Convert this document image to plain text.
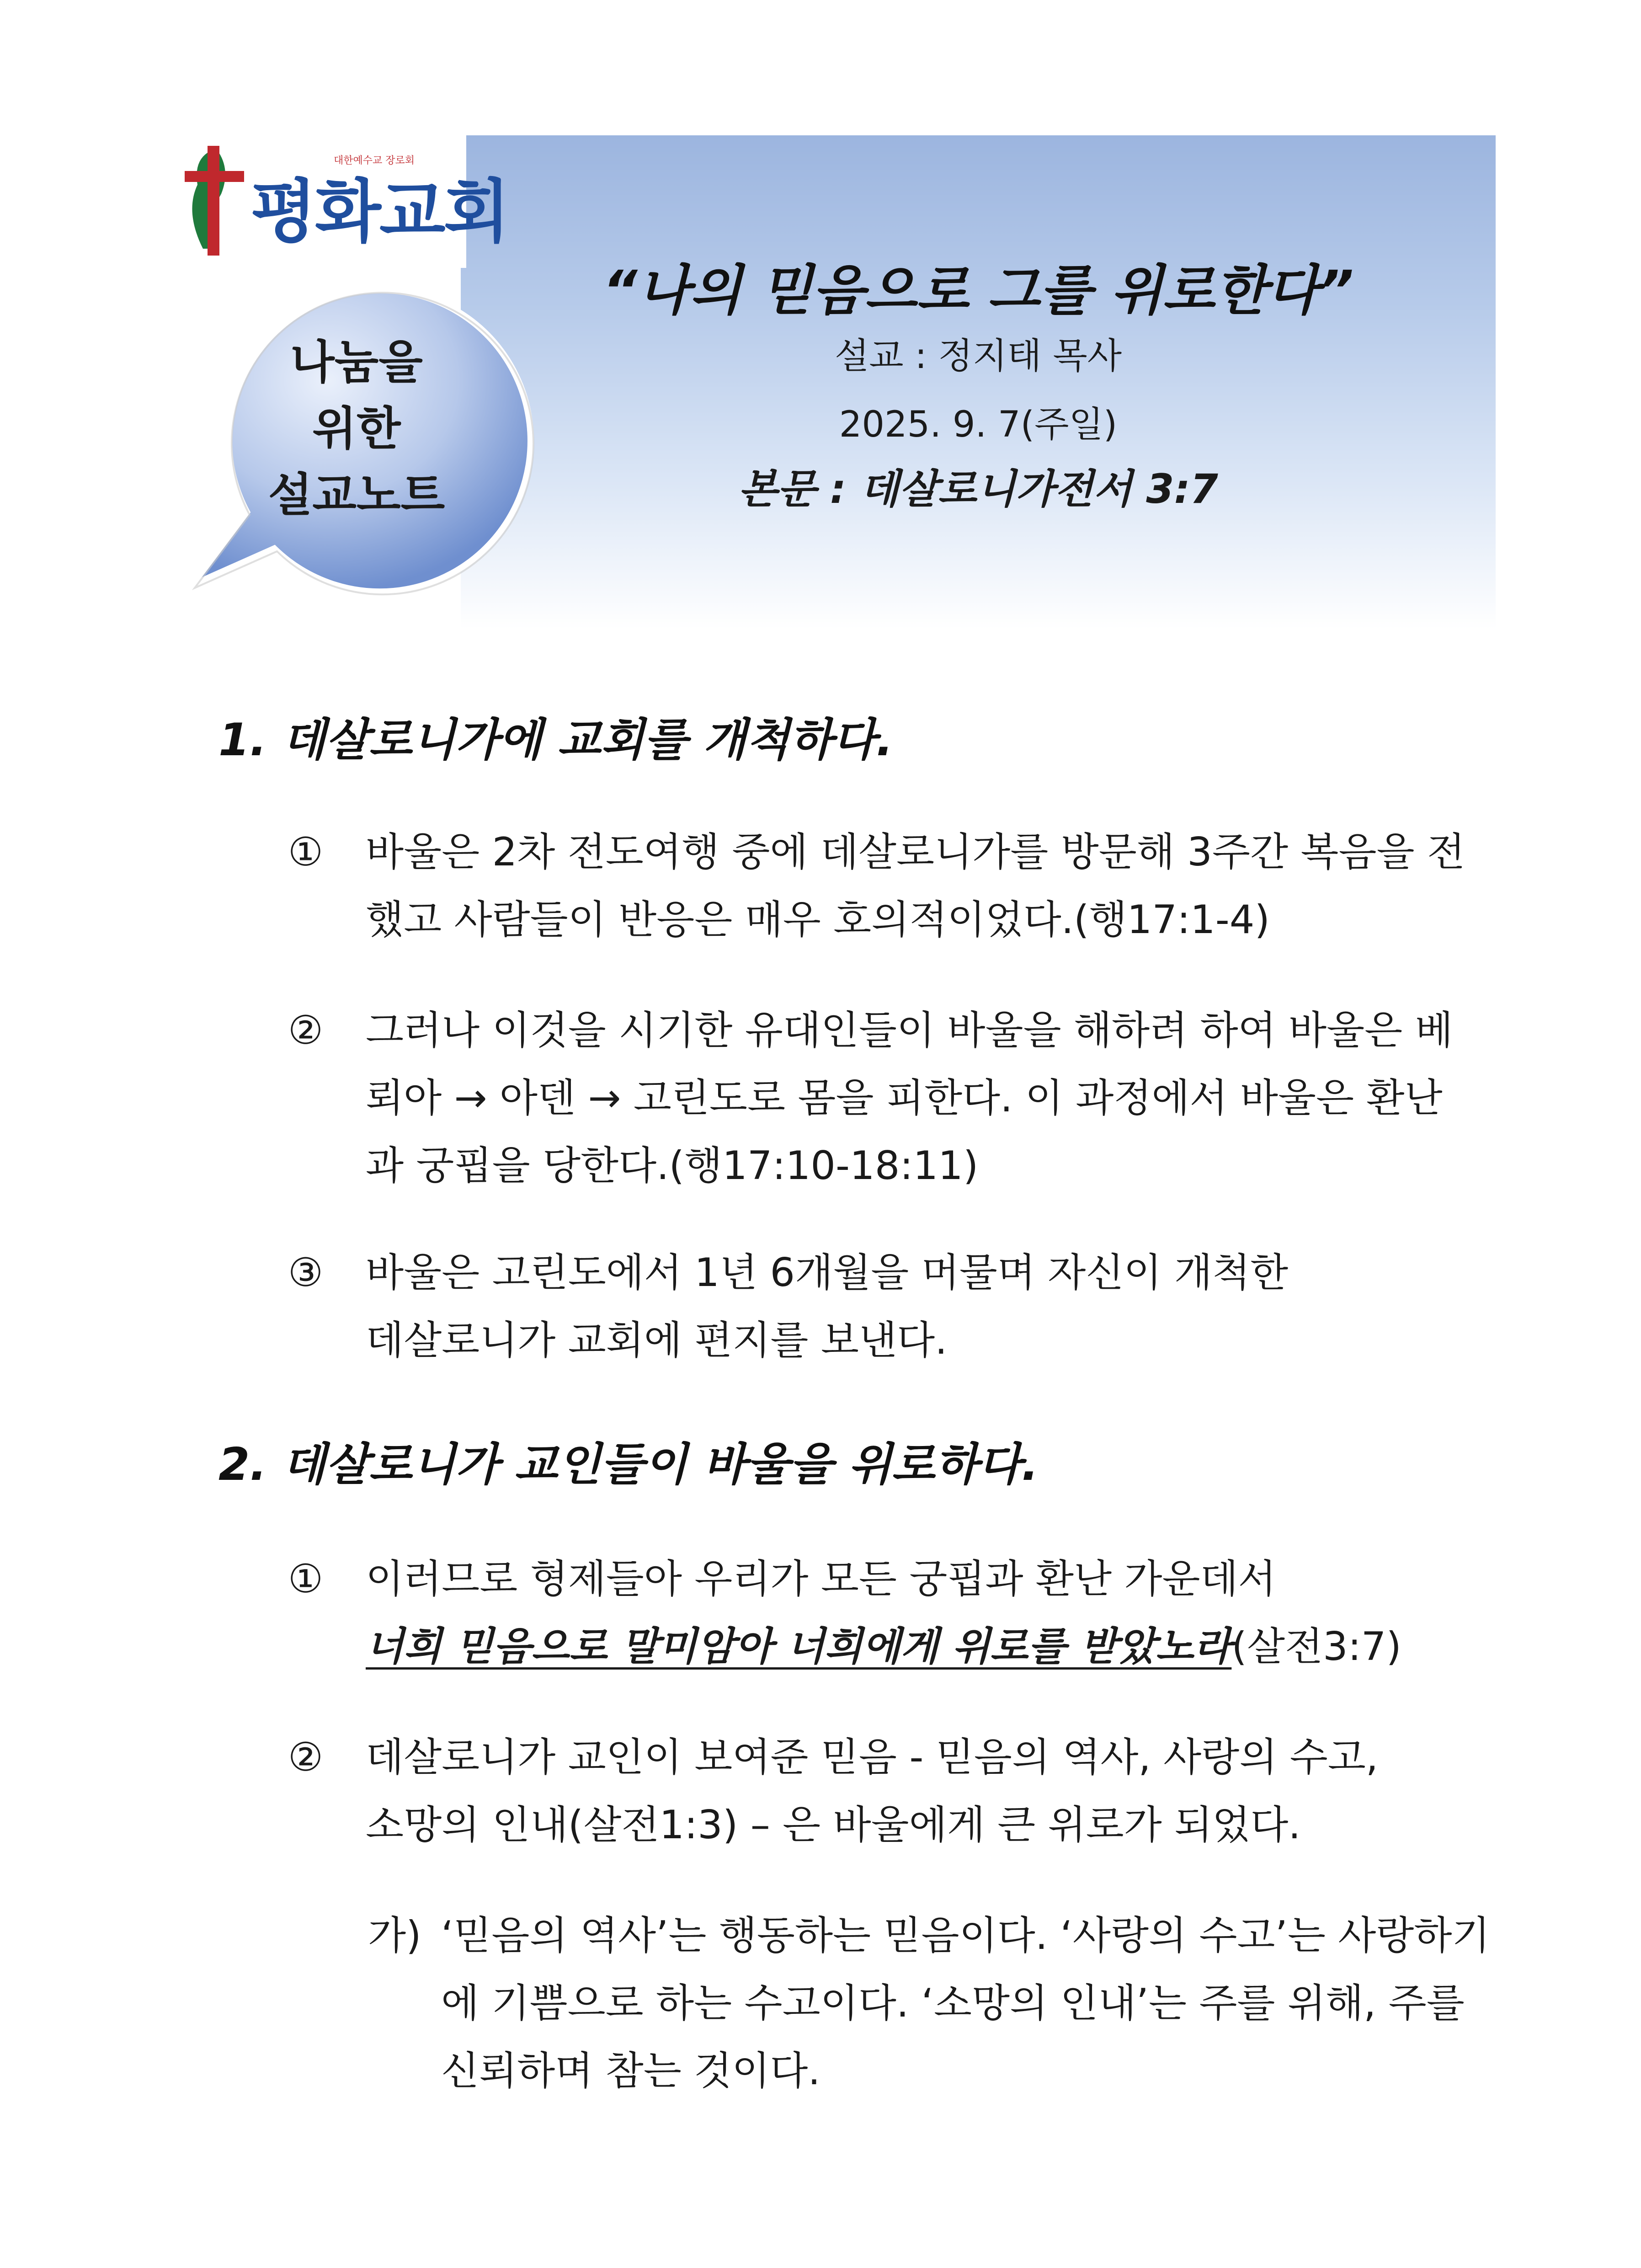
대한예수교 장로회
평화교회
나눔을
위한
설교노트
“나의 믿음으로 그를 위로한다”
설교 : 정지태 목사
2025. 9. 7(주일)
본문 : 데살로니가전서 3:7
1. 데살로니가에 교회를 개척하다.
① 바울은 2차 전도여행 중에 데살로니가를 방문해 3주간 복음을 전
했고 사람들이 반응은 매우 호의적이었다.(행17:1-4)
② 그러나 이것을 시기한 유대인들이 바울을 해하려 하여 바울은 베
뢰아 → 아덴 → 고린도로 몸을 피한다. 이 과정에서 바울은 환난
과 궁핍을 당한다.(행17:10-18:11)
③ 바울은 고린도에서 1년 6개월을 머물며 자신이 개척한
데살로니가 교회에 편지를 보낸다.
2. 데살로니가 교인들이 바울을 위로하다.
① 이러므로 형제들아 우리가 모든 궁핍과 환난 가운데서
너희 믿음으로 말미암아 너희에게 위로를 받았노라(살전3:7)
② 데살로니가 교인이 보여준 믿음 - 믿음의 역사, 사랑의 수고,
소망의 인내(살전1:3) – 은 바울에게 큰 위로가 되었다.
가) ‘믿음의 역사’는 행동하는 믿음이다. ‘사랑의 수고’는 사랑하기
에 기쁨으로 하는 수고이다. ‘소망의 인내’는 주를 위해, 주를
신뢰하며 참는 것이다.
